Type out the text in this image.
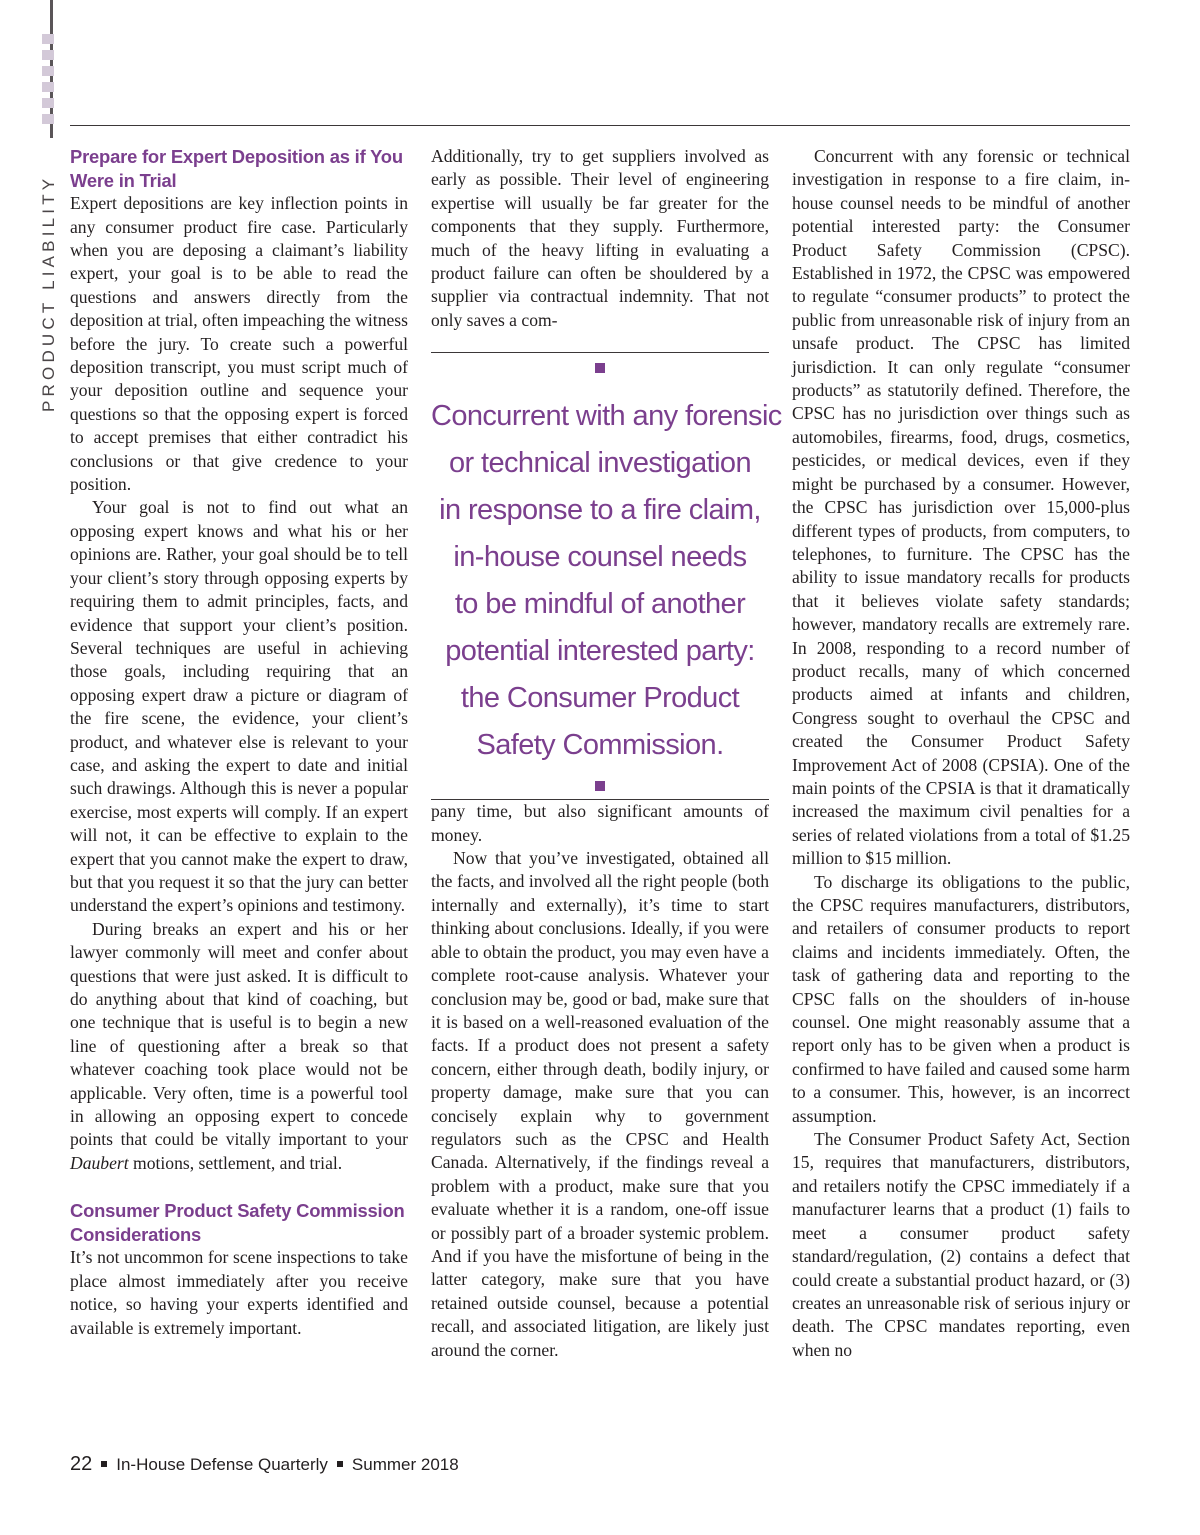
PRODUCT LIABILITY
Prepare for Expert Deposition as if You Were in Trial

Expert depositions are key inflection points in any consumer product fire case. Particularly when you are deposing a claimant’s liability expert, your goal is to be able to read the questions and answers directly from the deposition at trial, often impeaching the witness before the jury. To create such a powerful deposition transcript, you must script much of your deposition outline and sequence your questions so that the opposing expert is forced to accept premises that either contradict his conclusions or that give credence to your position.

Your goal is not to find out what an opposing expert knows and what his or her opinions are. Rather, your goal should be to tell your client’s story through opposing experts by requiring them to admit principles, facts, and evidence that support your client’s position. Several techniques are useful in achieving those goals, including requiring that an opposing expert draw a picture or diagram of the fire scene, the evidence, your client’s product, and whatever else is relevant to your case, and asking the expert to date and initial such drawings. Although this is never a popular exercise, most experts will comply. If an expert will not, it can be effective to explain to the expert that you cannot make the expert to draw, but that you request it so that the jury can better understand the expert’s opinions and testimony.

During breaks an expert and his or her lawyer commonly will meet and confer about questions that were just asked. It is difficult to do anything about that kind of coaching, but one technique that is useful is to begin a new line of questioning after a break so that whatever coaching took place would not be applicable. Very often, time is a powerful tool in allowing an opposing expert to concede points that could be vitally important to your Daubert motions, settlement, and trial.

Consumer Product Safety Commission Considerations

It’s not uncommon for scene inspections to take place almost immediately after you receive notice, so having your experts identified and available is extremely important.

Additionally, try to get suppliers involved as early as possible. Their level of engineering expertise will usually be far greater for the components that they supply. Furthermore, much of the heavy lifting in evaluating a product failure can often be shouldered by a supplier via contractual indemnity. That not only saves a com-
pany time, but also significant amounts of money.

Now that you’ve investigated, obtained all the facts, and involved all the right people (both internally and externally), it’s time to start thinking about conclusions. Ideally, if you were able to obtain the product, you may even have a complete root-cause analysis. Whatever your conclusion may be, good or bad, make sure that it is based on a well-reasoned evaluation of the facts. If a product does not present a safety concern, either through death, bodily injury, or property damage, make sure that you can concisely explain why to government regulators such as the CPSC and Health Canada. Alternatively, if the findings reveal a problem with a product, make sure that you evaluate whether it is a random, one-off issue or possibly part of a broader systemic problem. And if you have the misfortune of being in the latter category, make sure that you have retained outside counsel, because a potential recall, and associated litigation, are likely just around the corner.

Concurrent with any forensic
or technical investigation
in response to a fire claim,
in-house counsel needs
to be mindful of another
potential interested party:
the Consumer Product
Safety Commission.

Concurrent with any forensic or technical investigation in response to a fire claim, in-house counsel needs to be mindful of another potential interested party: the Consumer Product Safety Commission (CPSC). Established in 1972, the CPSC was empowered to regulate “consumer products” to protect the public from unreasonable risk of injury from an unsafe product. The CPSC has limited jurisdiction. It can only regulate “consumer products” as statutorily defined. Therefore, the CPSC has no jurisdiction over things such as automobiles, firearms, food, drugs, cosmetics, pesticides, or medical devices, even if they might be purchased by a consumer. However, the CPSC has jurisdiction over 15,000-plus different types of products, from computers, to telephones, to furniture. The CPSC has the ability to issue mandatory recalls for products that it believes violate safety standards; however, mandatory recalls are extremely rare. In 2008, responding to a record number of product recalls, many of which concerned products aimed at infants and children, Congress sought to overhaul the CPSC and created the Consumer Product Safety Improvement Act of 2008 (CPSIA). One of the main points of the CPSIA is that it dramatically increased the maximum civil penalties for a series of related violations from a total of $1.25 million to $15 million.

To discharge its obligations to the public, the CPSC requires manufacturers, distributors, and retailers of consumer products to report claims and incidents immediately. Often, the task of gathering data and reporting to the CPSC falls on the shoulders of in-house counsel. One might reasonably assume that a report only has to be given when a product is confirmed to have failed and caused some harm to a consumer. This, however, is an incorrect assumption.

The Consumer Product Safety Act, Section 15, requires that manufacturers, distributors, and retailers notify the CPSC immediately if a manufacturer learns that a product (1) fails to meet a consumer product safety standard/regulation, (2) contains a defect that could create a substantial product hazard, or (3) creates an unreasonable risk of serious injury or death. The CPSC mandates reporting, even when no

22 In-House Defense Quarterly Summer 2018
